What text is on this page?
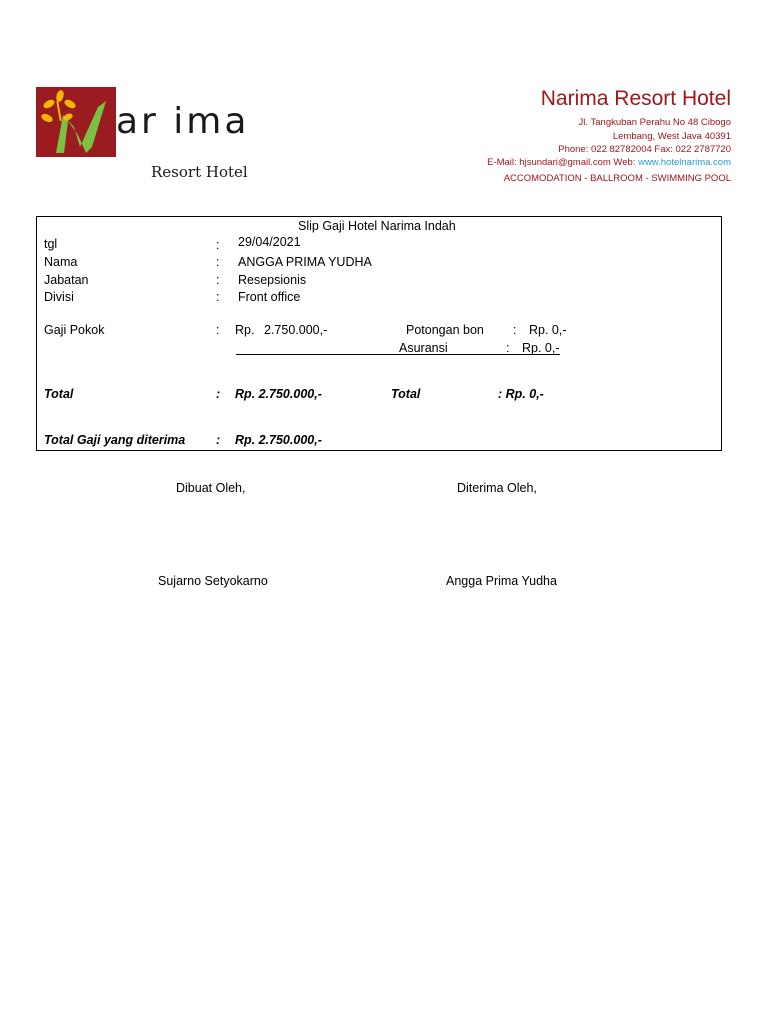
ar ima
Resort Hotel
Narima Resort Hotel
Jl. Tangkuban Perahu No 48 Cibogo
Lembang, West Java 40391
Phone: 022 82782004 Fax: 022 2787720
E-Mail: hjsundari@gmail.com Web: www.hotelnarima.com
ACCOMODATION - BALLROOM - SWIMMING POOL
Slip Gaji Hotel Narima Indah
tgl	: 29/04/2021
Nama	: ANGGA PRIMA YUDHA
Jabatan	: Resepsionis
Divisi	: Front office
Gaji Pokok	: Rp. 2.750.000,-	Potongan bon : Rp. 0,-
Asuransi	: Rp. 0,-
Total	: Rp. 2.750.000,-	Total	: Rp. 0,-
Total Gaji yang diterima : Rp. 2.750.000,-
Dibuat Oleh,	Diterima Oleh,
Sujarno Setyokarno	Angga Prima Yudha
